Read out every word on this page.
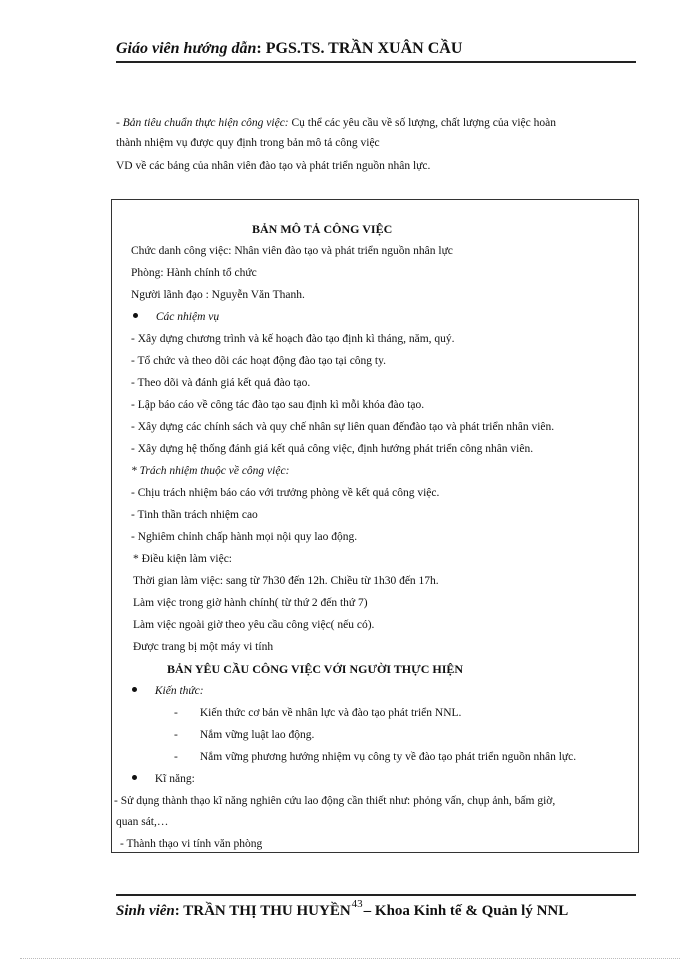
Giáo viên hướng dẫn: PGS.TS. TRẦN XUÂN CẦU

- Bản tiêu chuẩn thực hiện công việc: Cụ thể các yêu cầu về số lượng, chất lượng của việc hoàn

thành nhiệm vụ được quy định trong bản mô tả công việc

VD về các bảng của nhân viên đào tạo và phát triển nguồn nhân lực.

BẢN MÔ TẢ CÔNG VIỆC
Chức danh công việc: Nhân viên đào tạo và phát triển nguồn nhân lực
Phòng: Hành chính tổ chức
Người lãnh đạo : Nguyễn Văn Thanh.
Các nhiệm vụ
- Xây dựng chương trình và kế hoạch đào tạo định kì tháng, năm, quý.
- Tổ chức và theo dõi các hoạt động đào tạo tại công ty.
- Theo dõi và đánh giá kết quả đào tạo.
- Lập báo cáo về công tác đào tạo sau định kì mỗi khóa đào tạo.
- Xây dựng các chính sách và quy chế nhân sự liên quan đếnđào tạo và phát triển nhân viên.
- Xây dựng hệ thống đánh giá kết quả công việc, định hướng phát triển công nhân viên.
* Trách nhiệm thuộc về công việc:
- Chịu trách nhiệm báo cáo với trưởng phòng về kết quả công việc.
- Tinh thần trách nhiệm cao
- Nghiêm chỉnh chấp hành mọi nội quy lao động.
* Điều kiện làm việc:
Thời gian làm việc: sang từ 7h30 đến 12h. Chiều từ 1h30 đến 17h.
Làm việc trong giờ hành chính( từ thứ 2 đến thứ 7)
Làm việc ngoài giờ theo yêu cầu công việc( nếu có).
Được trang bị một máy vi tính
BẢN YÊU CẦU CÔNG VIỆC VỚI NGƯỜI THỰC HIỆN
Kiến thức:
- Kiến thức cơ bản về nhân lực và đào tạo phát triển NNL.
- Nắm vững luật lao động.
- Nắm vững phương hướng nhiệm vụ công ty về đào tạo phát triển nguồn nhân lực.
Kĩ năng:
- Sử dụng thành thạo kĩ năng nghiên cứu lao động cần thiết như: phỏng vấn, chụp ảnh, bấm giờ,
quan sát,…
- Thành thạo vi tính văn phòng
Sinh viên: TRẦN THỊ THU HUYỀN$^{43}$– Khoa Kinh tế & Quản lý NNL
